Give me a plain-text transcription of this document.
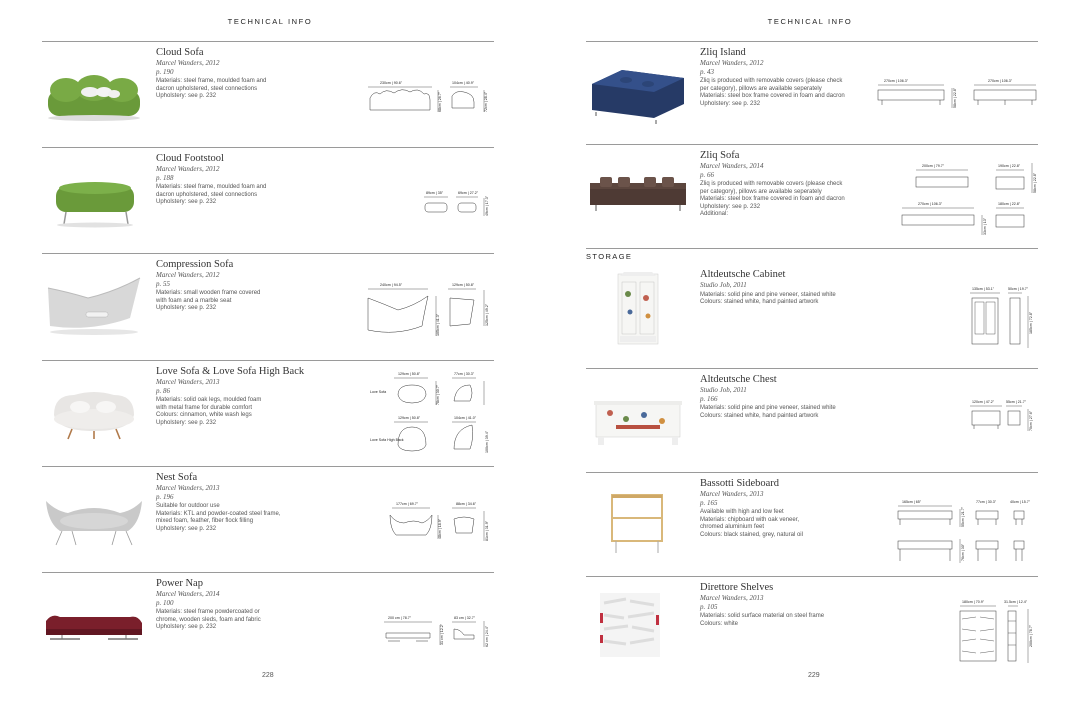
TECHNICAL INFO
Cloud Sofa
Marcel Wanders, 2012
p. 190
Materials: steel frame, moulded foam and
dacron upholstered, steel connections
Upholstery: see p. 232
230cm | 90.6"	104cm | 40.9"
68cm | 26.7"	72cm | 28.4"
Cloud Footstool
Marcel Wanders, 2012
p. 188
Materials: steel frame, moulded foam and
dacron upholstered, steel connections
Upholstery: see p. 232
89cm | 35"	69cm | 27.2"
49cm | 17.3"
Compression Sofa
Marcel Wanders, 2012
p. 55
Materials: small wooden frame covered
with foam and a marble seat
Upholstery: see p. 232
240cm | 94.5"	129cm | 50.8"
105cm | 41.3"	125cm | 49.2"
Love Sofa & Love Sofa High Back
Marcel Wanders, 2013
p. 86
Materials: solid oak legs, moulded foam
with metal frame for durable comfort
Colours: cinnamon, white wash legs
Upholstery: see p. 232
129cm | 50.8"	77cm | 30.3"
Love Sofa
129cm | 50.8"	104cm | 41.0"
Love Sofa High Back
78cm | 30.7"
100cm | 39.4"
Nest Sofa
Marcel Wanders, 2013
p. 196
Suitable for outdoor use
Materials: KTL and powder-coated steel frame,
mixed foam, feather, fiber flock filling
Upholstery: see p. 232
177cm | 69.7"	88cm | 34.6"
48cm | 18.9"	81cm | 31.9"
Power Nap
Marcel Wanders, 2014
p. 100
Materials: steel frame powdercoated or
chrome, wooden sleds, foam and fabric
Upholstery: see p. 232
200 cm | 78.7"	83 cm | 32.7"
31 cm | 12.2"	62 cm | 24.4"
228
TECHNICAL INFO
Zliq Island
Marcel Wanders, 2012
p. 43
Zliq is produced with removable covers (please check
per category), pillows are available seperately
Materials: steel box frame covered in foam and dacron
Upholstery: see p. 232
270cm | 106.3"	270cm | 106.3"
58cm | 22.8"
Zliq Sofa
Marcel Wanders, 2014
p. 66
Zliq is produced with removable covers (please check
per category), pillows are available seperately
Materials: steel box frame covered in foam and dacron
Upholstery: see p. 232
Additional:
200cm | 79.7"	190cm | 22.8"
270cm | 106.3"	180cm | 22.8"
58cm | 22.8"
33cm | 13"
STORAGE
Altdeutsche Cabinet
Studio Job, 2011
Materials: solid pine and pine veneer, stained white
Colours: stained white, hand painted artwork
135cm | 53.1"	50cm | 19.7"
185cm | 72.8"
Altdeutsche Chest
Studio Job, 2011
p. 166
Materials: solid pine and pine veneer, stained white
Colours: stained white, hand painted artwork
120cm | 47.2"	55cm | 21.7"
70cm | 27.6"
Bassotti Sideboard
Marcel Wanders, 2013
p. 165
Available with high and low feet
Materials: chipboard with oak veneer,
chromed aluminium feet
Colours: black stained, grey, natural oil
165cm | 65"	77cm | 30.3"	40cm | 15.7"
55cm | 21.7"
76cm | 30"
Direttore Shelves
Marcel Wanders, 2013
p. 105
Materials: solid surface material on steel frame
Colours: white
180cm | 70.9"	31.5cm | 12.4"
200cm | 78.7"
229
